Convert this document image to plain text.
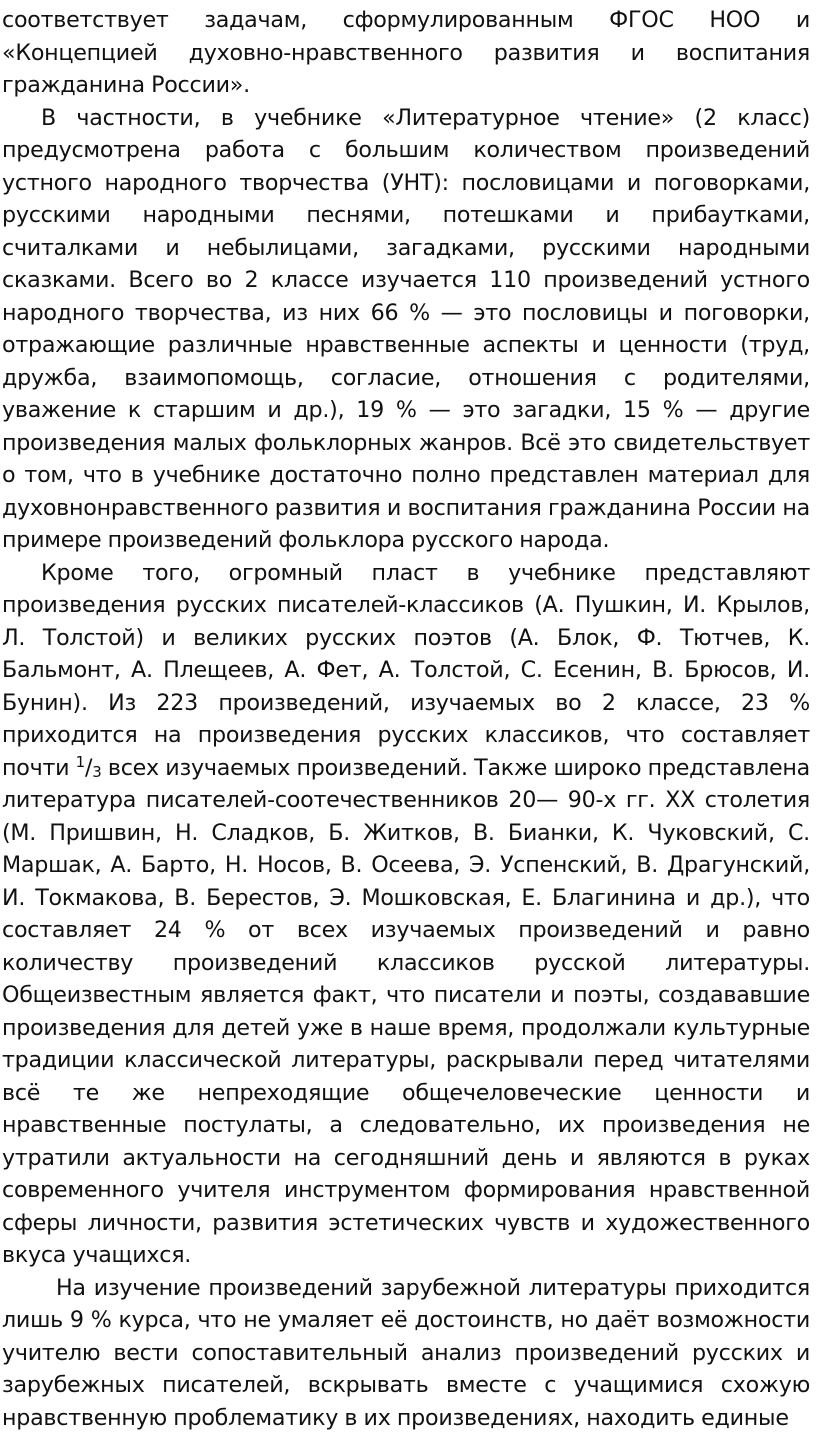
соответствует задачам, сформулированным ФГОС НОО и «Концепцией духовно-нравственного развития и воспитания гражданина России».

В частности, в учебнике «Литературное чтение» (2 класс) предусмотрена работа с большим количеством произведений устного народного творчества (УНТ): пословицами и поговорками, русскими народными песнями, потешками и прибаутками, считалками и небылицами, загадками, русскими народными сказками. Всего во 2 классе изучается 110 произведений устного народного творчества, из них 66 % — это пословицы и поговорки, отражающие различные нравственные аспекты и ценности (труд, дружба, взаимопомощь, согласие, отношения с родителями, уважение к старшим и др.), 19 % — это загадки, 15 % — другие произведения малых фольклорных жанров. Всё это свидетельствует о том, что в учебнике достаточно полно представлен материал для духовнонравственного развития и воспитания гражданина России на примере произведений фольклора русского народа.

Кроме того, огромный пласт в учебнике представляют произведения русских писателей-классиков (А. Пушкин, И. Крылов, Л. Толстой) и великих русских поэтов (А. Блок, Ф. Тютчев, К. Бальмонт, А. Плещеев, А. Фет, А. Толстой, С. Есенин, В. Брюсов, И. Бунин). Из 223 произведений, изучаемых во 2 классе, 23 % приходится на произведения русских классиков, что составляет почти $^1/_3$ всех изучаемых произведений. Также широко представлена литература писателей-соотечественников 20— 90-х гг. XX столетия (М. Пришвин, Н. Сладков, Б. Житков, В. Бианки, К. Чуковский, С. Маршак, А. Барто, Н. Носов, В. Осеева, Э. Успенский, В. Драгунский, И. Токмакова, В. Берестов, Э. Мошковская, Е. Благинина и др.), что составляет 24 % от всех изучаемых произведений и равно количеству произведений классиков русской литературы. Общеизвестным является факт, что писатели и поэты, создававшие произведения для детей уже в наше время, продолжали культурные традиции классической литературы, раскрывали перед читателями всё те же непреходящие общечеловеческие ценности и нравственные постулаты, а следовательно, их произведения не утратили актуальности на сегодняшний день и являются в руках современного учителя инструментом формирования нравственной сферы личности, развития эстетических чувств и художественного вкуса учащихся.

На изучение произведений зарубежной литературы приходится лишь 9 % курса, что не умаляет её достоинств, но даёт возможности учителю вести сопоставительный анализ произведений русских и зарубежных писателей, вскрывать вместе с учащимися схожую нравственную проблематику в их произведениях, находить единые
